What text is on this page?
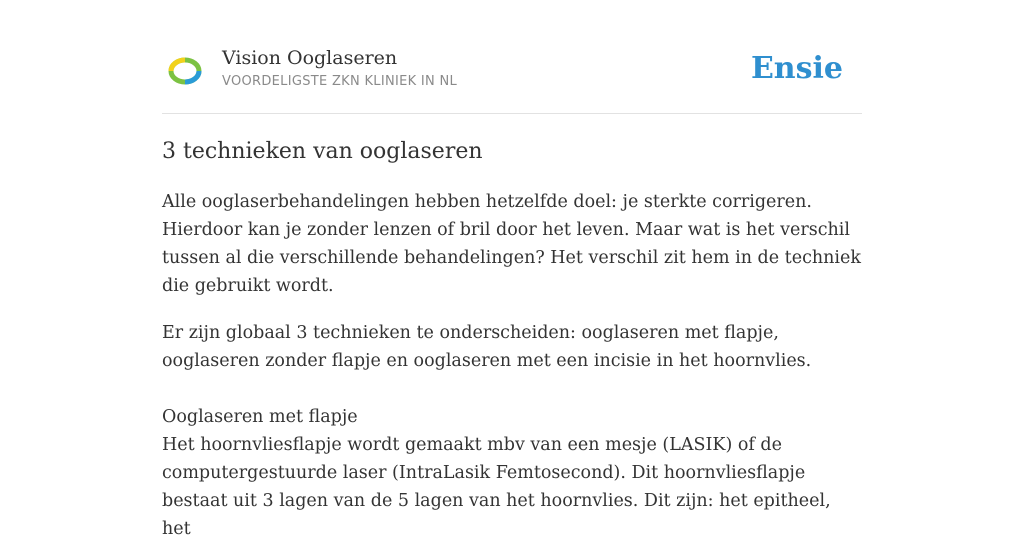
Vision Ooglaseren
VOORDELIGSTE ZKN KLINIEK IN NL	Ensie
3 technieken van ooglaseren

Alle ooglaserbehandelingen hebben hetzelfde doel: je sterkte corrigeren. Hierdoor kan je zonder lenzen of bril door het leven. Maar wat is het verschil tussen al die verschillende behandelingen? Het verschil zit hem in de techniek die gebruikt wordt.

Er zijn globaal 3 technieken te onderscheiden: ooglaseren met flapje, ooglaseren zonder flapje en ooglaseren met een incisie in het hoornvlies.

Ooglaseren met flapje

Het hoornvliesflapje wordt gemaakt mbv van een mesje (LASIK) of de computergestuurde laser (IntraLasik Femtosecond). Dit hoornvliesflapje bestaat uit 3 lagen van de 5 lagen van het hoornvlies. Dit zijn: het epitheel, het
